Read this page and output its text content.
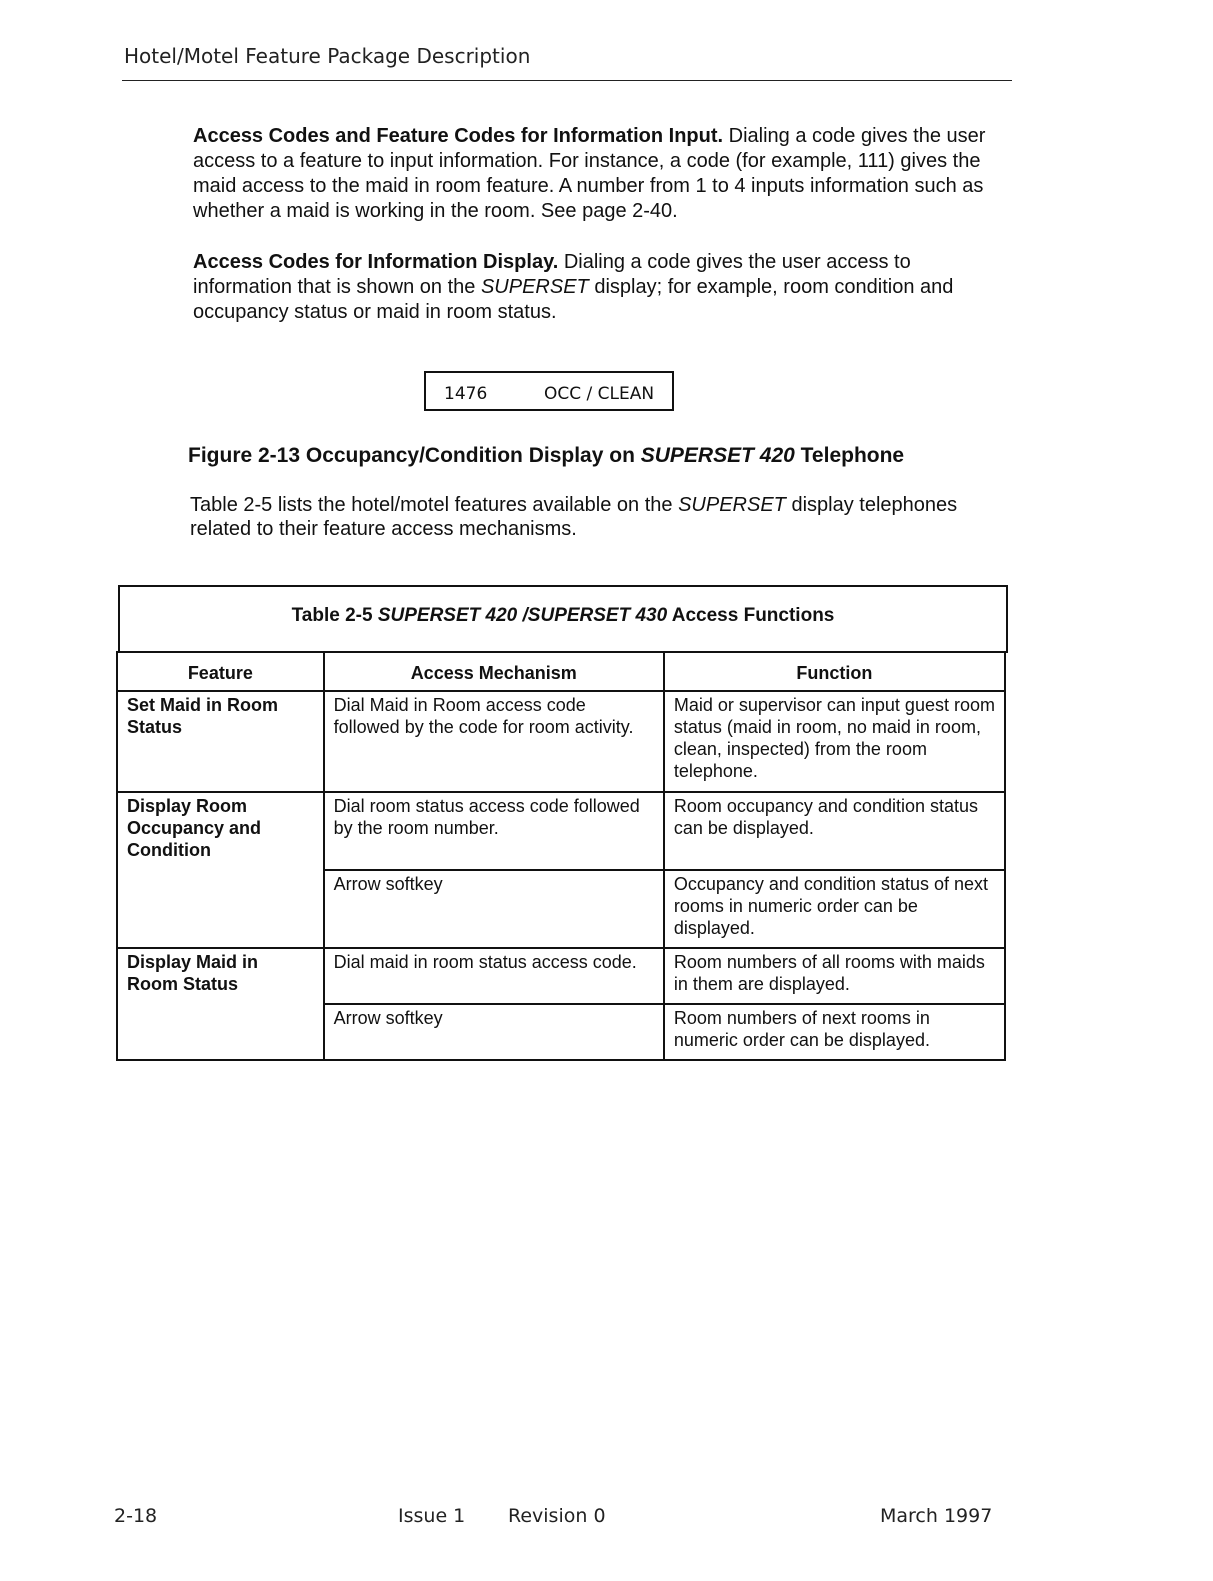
Hotel/Motel Feature Package Description

Access Codes and Feature Codes for Information Input. Dialing a code gives the user access to a feature to input information. For instance, a code (for example, 111) gives the maid access to the maid in room feature. A number from 1 to 4 inputs information such as whether a maid is working in the room. See page 2-40.

Access Codes for Information Display. Dialing a code gives the user access to information that is shown on the SUPERSET display; for example, room condition and occupancy status or maid in room status.

1476	OCC / CLEAN

Figure 2-13 Occupancy/Condition Display on SUPERSET 420 Telephone

Table 2-5 lists the hotel/motel features available on the SUPERSET display telephones related to their feature access mechanisms.

Table 2-5 SUPERSET 420 /SUPERSET 430 Access Functions
Feature	Access Mechanism	Function
Set Maid in Room Status	Dial Maid in Room access code followed by the code for room activity.	Maid or supervisor can input guest room status (maid in room, no maid in room, clean, inspected) from the room telephone.
Display Room Occupancy and Condition	Dial room status access code followed by the room number.	Room occupancy and condition status can be displayed.
	Arrow softkey	Occupancy and condition status of next rooms in numeric order can be displayed.
Display Maid in Room Status	Dial maid in room status access code.	Room numbers of all rooms with maids in them are displayed.
	Arrow softkey	Room numbers of next rooms in numeric order can be displayed.
2-18	Issue 1 Revision 0	March 1997
